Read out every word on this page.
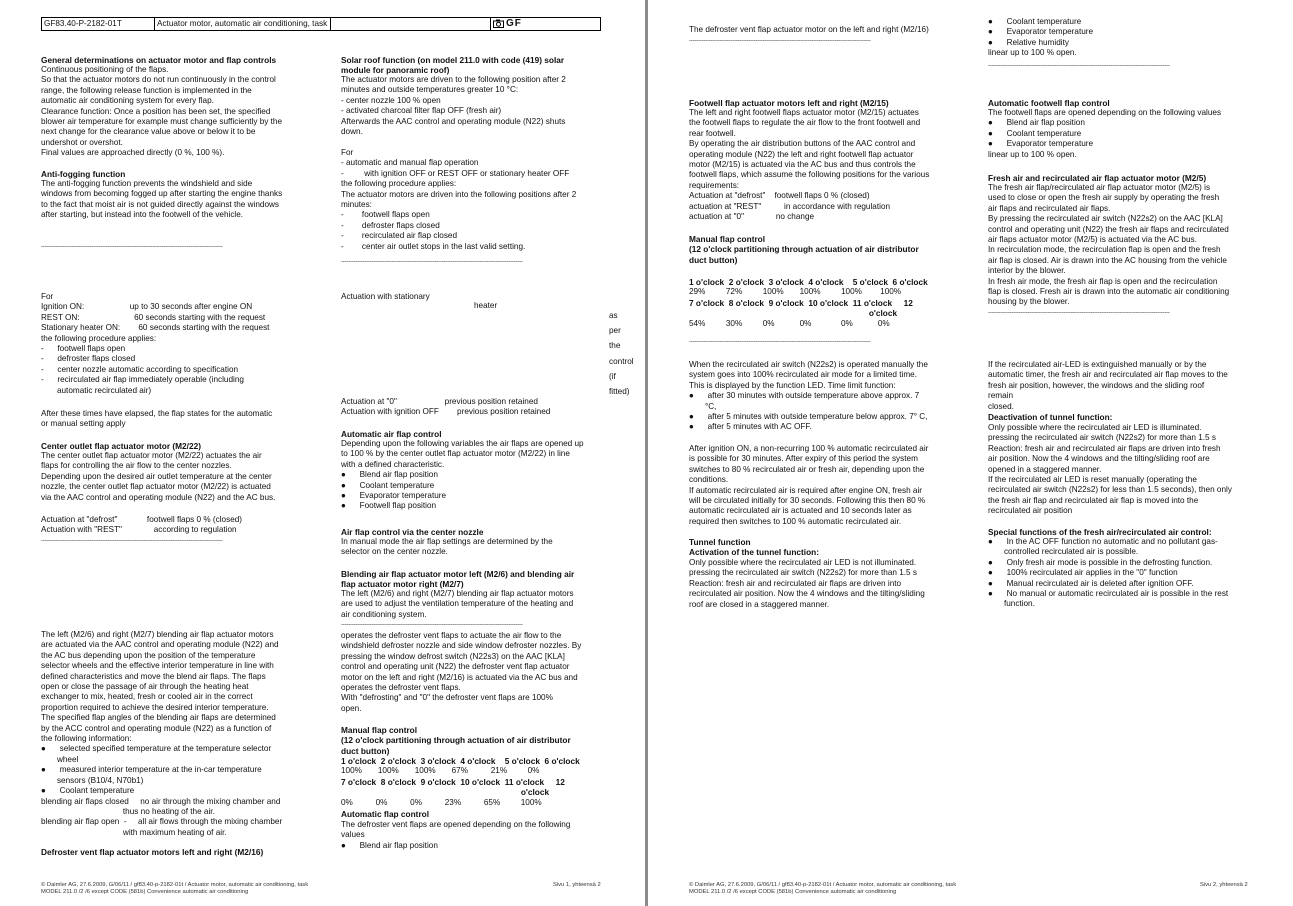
GF83.40-P-2182-01T	Actuator motor, automatic air conditioning, task		GF

General determinations on actuator motor and flap controls

Continuous positioning of the flaps.
So that the actuator motors do not run continuously in the control
range, the following release function is implemented in the
automatic air conditioning system for every flap.
Clearance function: Once a position has been set, the specified
blower air temperature for example must change sufficiently by the
next change for the clearance value above or below it to be
undershot or overshot.
Final values are approached directly (0 %, 100 %).

Anti-fogging function

The anti-fogging function prevents the windshield and side
windows from becoming fogged up after starting the engine thanks
to the fact that moist air is not guided directly against the windows
after starting, but instead into the footwell of the vehicle.

-----------------------------------------------------------------------------------------------------

For
Ignition ON:                    up to 30 seconds after engine ON
REST ON:                        60 seconds starting with the request
Stationary heater ON:        60 seconds starting with the request
the following procedure applies:
-      footwell flaps open
-      defroster flaps closed
-      center nozzle automatic according to specification
-      recirculated air flap immediately operable (including
automatic recirculated air)

After these times have elapsed, the flap states for the automatic
or manual setting apply

Center outlet flap actuator motor (M2/22)

The center outlet flap actuator motor (M2/22) actuates the air
flaps for controlling the air flow to the center nozzles.
Depending upon the desired air outlet temperature at the center
nozzle, the center outlet flap actuator motor (M2/22) is actuated
via the AAC control and operating module (N22) and the AC bus.

Actuation at "defrost"             footwell flaps 0 % (closed)
Actuation with "REST"              according to regulation

-----------------------------------------------------------------------------------------------------

The left (M2/6) and right (M2/7) blending air flap actuator motors
are actuated via the AAC control and operating module (N22) and
the AC bus depending upon the position of the temperature
selector wheels and the effective interior temperature in line with
defined characteristics and move the blend air flaps. The flaps
open or close the passage of air through the heating heat
exchanger to mix, heated, fresh or cooled air in the correct
proportion required to achieve the desired interior temperature.
The specified flap angles of the blending air flaps are determined
by the ACC control and operating module (N22) as a function of
the following information:
●      selected specified temperature at the temperature selector
wheel
●      measured interior temperature at the in-car temperature
sensors (B10/4, N70b1)
●      Coolant temperature
blending air flaps closed     no air through the mixing chamber and
thus no heating of the air.
blending air flap open  -     all air flows through the mixing chamber
with maximum heating of air.

Defroster vent flap actuator motors left and right (M2/16)

Solar roof function (on model 211.0 with code (419) solar
module for panoramic roof)

The actuator motors are driven to the following position after 2
minutes and outside temperatures greater 10 °C:
- center nozzle 100 % open
- activated charcoal filter flap OFF (fresh air)
Afterwards the AAC control and operating module (N22) shuts
down.

For
- automatic and manual flap operation
-         with ignition OFF or REST OFF or stationary heater OFF
the following procedure applies:
The actuator motors are driven into the following positions after 2
minutes:
-        footwell flaps open
-        defroster flaps closed
-        recirculated air flap closed
-        center air outlet stops in the last valid setting.

-----------------------------------------------------------------------------------------------------

Actuation with stationary

heater

as

per

the

control

(if

fitted)

Actuation at "0"                     previous position retained
Actuation with ignition OFF        previous position retained

Automatic air flap control

Depending upon the following variables the air flaps are opened up
to 100 % by the center outlet flap actuator motor (M2/22) in line
with a defined characteristic.
●      Blend air flap position
●      Coolant temperature
●      Evaporator temperature
●      Footwell flap position

Air flap control via the center nozzle

In manual mode the air flap settings are determined by the
selector on the center nozzle.

Blending air flap actuator motor left (M2/6) and blending air
flap actuator motor right (M2/7)

The left (M2/6) and right (M2/7) blending air flap actuator motors
are used to adjust the ventilation temperature of the heating and
air conditioning system.

-----------------------------------------------------------------------------------------------------

operates the defroster vent flaps to actuate the air flow to the
windshield defroster nozzle and side window defroster nozzles. By
pressing the window defrost switch (N22s3) on the AAC [KLA]
control and operating unit (N22) the defroster vent flap actuator
motor on the left and right (M2/16) is actuated via the AC bus and
operates the defroster vent flaps.
With "defrosting" and "0" the defroster vent flaps are 100%
open.

Manual flap control
(12 o'clock partitioning through actuation of air distributor
duct button)

1 o'clock  2 o'clock  3 o'clock  4 o'clock    5 o'clock  6 o'clock

100%       100%       100%       67%          21%         0%

7 o'clock  8 o'clock  9 o'clock  10 o'clock  11 o'clock     12
o'clock

0%          0%          0%          23%          65%         100%

Automatic flap control

The defroster vent flaps are opened depending on the following
values
●      Blend air flap position

© Daimler AG, 27.6.2009, G/06/11 / gf83.40-p-2182-01t / Actuator motor, automatic air conditioning, task
MODEL 211.0 /2 /6 except CODE (581b) Convenience automatic air conditioning

Sivu 1, yhteensä 2

The defroster vent flap actuator motor on the left and right (M2/16)

-----------------------------------------------------------------------------------------------------

Footwell flap actuator motors left and right (M2/15)

The left and right footwell flaps actuator motor (M2/15) actuates
the footwell flaps to regulate the air flow to the front footwell and
rear footwell.
By operating the air distribution buttons of the AAC control and
operating module (N22) the left and right footwell flap actuator
motor (M2/15) is actuated via the AC bus and thus controls the
footwell flaps, which assume the following positions for the various
requirements:
Actuation at "defrost"    footwell flaps 0 % (closed)
actuation at "REST"          in accordance with regulation
actuation at "0"              no change

Manual flap control
(12 o'clock partitioning through actuation of air distributor
duct button)

1 o'clock  2 o'clock  3 o'clock  4 o'clock    5 o'clock  6 o'clock

29%         72%         100%       100%         100%        100%

7 o'clock  8 o'clock  9 o'clock  10 o'clock  11 o'clock     12
o'clock

54%         30%         0%           0%             0%           0%

-----------------------------------------------------------------------------------------------------

When the recirculated air switch (N22s2) is operated manually the
system goes into 100% recirculated air mode for a limited time.
This is displayed by the function LED. Time limit function:
●      after 30 minutes with outside temperature above approx. 7
°C,
●      after 5 minutes with outside temperature below approx. 7° C,
●      after 5 minutes with AC OFF.

After ignition ON, a non-recurring 100 % automatic recirculated air
is possible for 30 minutes. After expiry of this period the system
switches to 80 % recirculated air or fresh air, depending upon the
conditions.
If automatic recirculated air is required after engine ON, fresh air
will be circulated initially for 30 seconds. Following this then 80 %
automatic recirculated air is actuated and 10 seconds later as
required then switches to 100 % automatic recirculated air.

Tunnel function
Activation of the tunnel function:

Only possible where the recirculated air LED is not illuminated.
pressing the recirculated air switch (N22s2) for more than 1.5 s
Reaction: fresh air and recirculated air flaps are driven into
recirculated air position. Now the 4 windows and the tilting/sliding
roof are closed in a staggered manner.

●      Coolant temperature
●      Evaporator temperature
●      Relative humidity
linear up to 100 % open.

-----------------------------------------------------------------------------------------------------

Automatic footwell flap control

The footwell flaps are opened depending on the following values
●      Blend air flap position
●      Coolant temperature
●      Evaporator temperature
linear up to 100 % open.

Fresh air and recirculated air flap actuator motor (M2/5)

The fresh air flap/recirculated air flap actuator motor (M2/5) is
used to close or open the fresh air supply by operating the fresh
air flaps and recirculated air flaps.
By pressing the recirculated air switch (N22s2) on the AAC [KLA]
control and operating unit (N22) the fresh air flaps and recirculated
air flaps actuator motor (M2/5) is actuated via the AC bus.
In recirculation mode, the recirculation flap is open and the fresh
air flap is closed. Air is drawn into the AC housing from the vehicle
interior by the blower.
In fresh air mode, the fresh air flap is open and the recirculation
flap is closed. Fresh air is drawn into the automatic air conditioning
housing by the blower.

-----------------------------------------------------------------------------------------------------

If the recirculated air-LED is extinguished manually or by the
automatic timer, the fresh air and recirculated air flap moves to the
fresh air position, however, the windows and the sliding roof
remain
closed.

Deactivation of tunnel function:

Only possible where the recirculated air LED is illuminated.
pressing the recirculated air switch (N22s2) for more than 1.5 s
Reaction: fresh air and recirculated air flaps are driven into fresh
air position. Now the 4 windows and the tilting/sliding roof are
opened in a staggered manner.
If the recirculated air LED is reset manually (operating the
recirculated air switch (N22s2) for less than 1.5 seconds), then only
the fresh air flap and recirculated air flap is moved into the
recirculated air position

Special functions of the fresh air/recirculated air control:

●      In the AC OFF function no automatic and no pollutant gas-
controlled recirculated air is possible.
●      Only fresh air mode is possible in the defrosting function.
●      100% recirculated air applies in the "0" function
●      Manual recirculated air is deleted after ignition OFF.
●      No manual or automatic recirculated air is possible in the rest
function.

© Daimler AG, 27.6.2009, G/06/11 / gf83.40-p-2182-01t / Actuator motor, automatic air conditioning, task
MODEL 211.0 /2 /6 except CODE (581b) Convenience automatic air conditioning

Sivu 2, yhteensä 2
